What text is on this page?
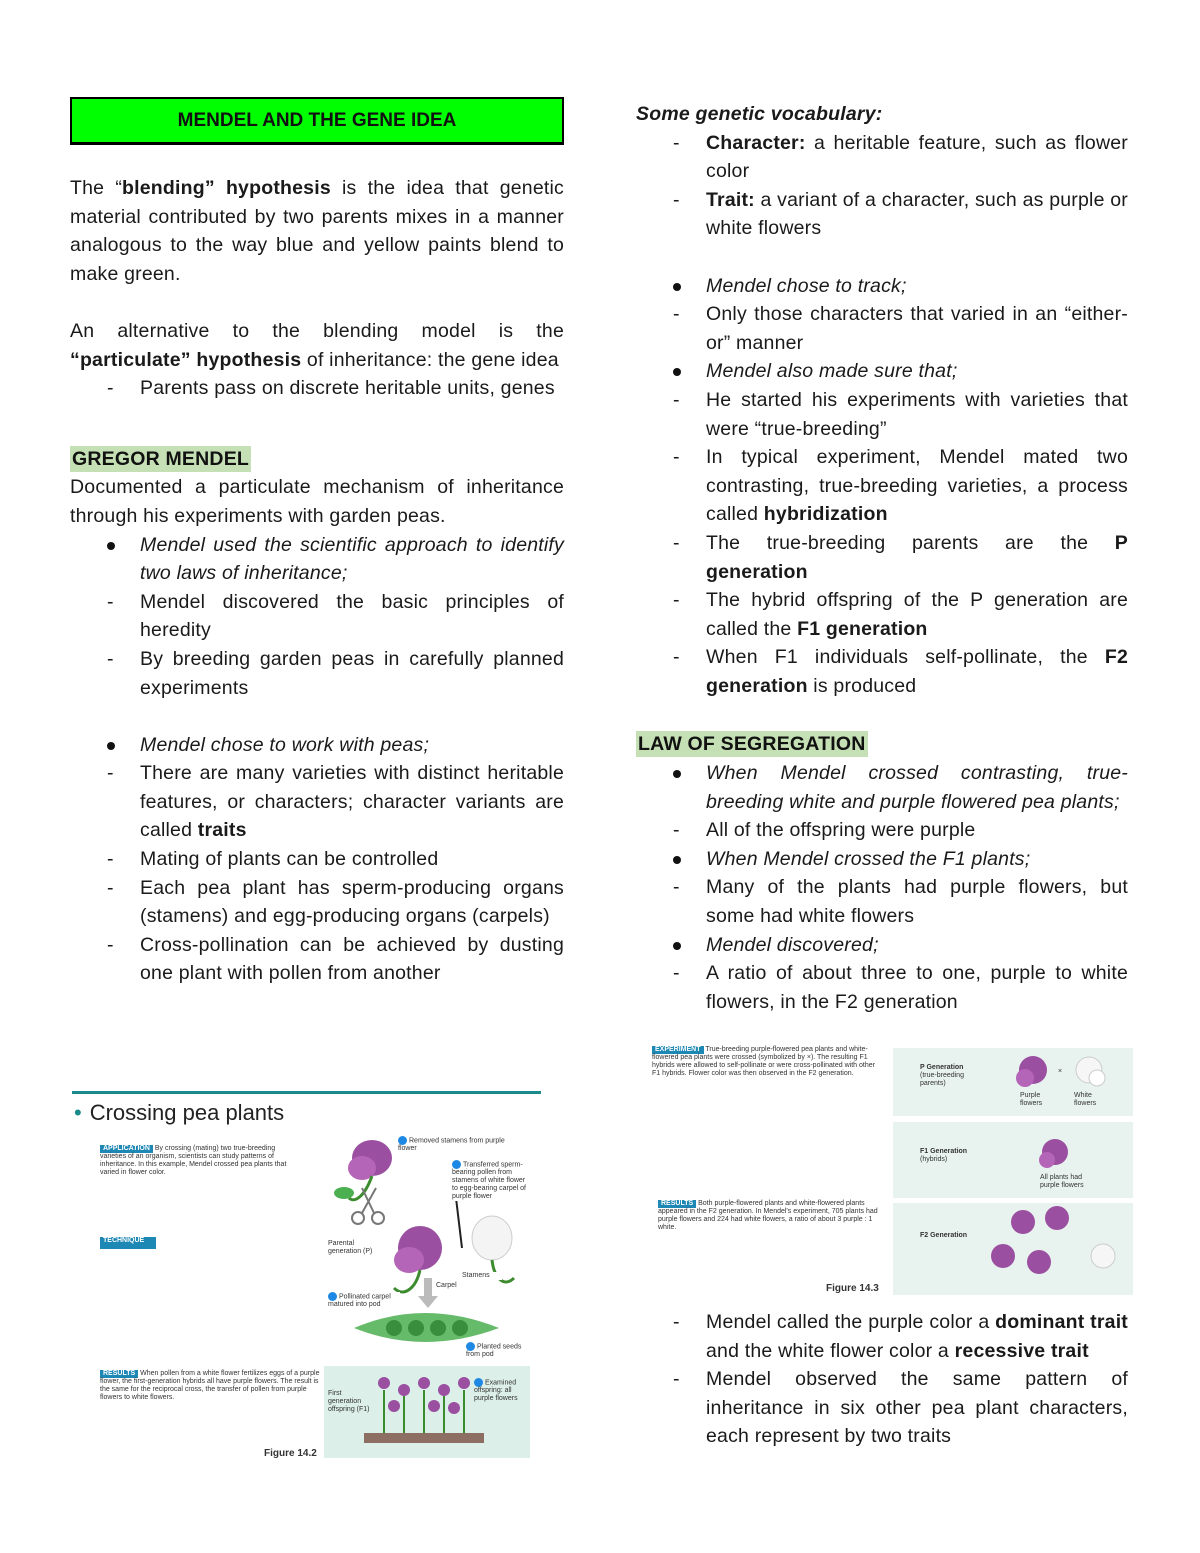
MENDEL AND THE GENE IDEA

The “blending” hypothesis is the idea that genetic material contributed by two parents mixes in a manner analogous to the way blue and yellow paints blend to make green.

An alternative to the blending model is the “particulate” hypothesis of inheritance: the gene idea

- Parents pass on discrete heritable units, genes
GREGOR MENDEL

Documented a particulate mechanism of inheritance through his experiments with garden peas.

Mendel used the scientific approach to identify two laws of inheritance;
- Mendel discovered the basic principles of heredity
- By breeding garden peas in carefully planned experiments
Mendel chose to work with peas;
- There are many varieties with distinct heritable features, or characters; character variants are called traits
- Mating of plants can be controlled
- Each pea plant has sperm-producing organs (stamens) and egg-producing organs (carpels)
- Cross-pollination can be achieved by dusting one plant with pollen from another
• Crossing pea plants
APPLICATION By crossing (mating) two true-breeding varieties of an organism, scientists can study patterns of inheritance. In this example, Mendel crossed pea plants that varied in flower color.
TECHNIQUE
RESULTS When pollen from a white flower fertilizes eggs of a purple flower, the first-generation hybrids all have purple flowers. The result is the same for the reciprocal cross, the transfer of pollen from purple flowers to white flowers.
Removed stamens from purple flower
Transferred sperm-bearing pollen from stamens of white flower to egg-bearing carpel of purple flower
Parental generation (P)
Stamens
Carpel
Pollinated carpel matured into pod
Planted seeds from pod
Examined offspring: all purple flowers
First generation offspring (F1)
Figure 14.2

Some genetic vocabulary:

- Character: a heritable feature, such as flower color
- Trait: a variant of a character, such as purple or white flowers
Mendel chose to track;
- Only those characters that varied in an “either-or” manner
Mendel also made sure that;
- He started his experiments with varieties that were “true-breeding”
- In typical experiment, Mendel mated two contrasting, true-breeding varieties, a process called hybridization
- The true-breeding parents are the P generation
- The hybrid offspring of the P generation are called the F1 generation
- When F1 individuals self-pollinate, the F2 generation is produced
LAW OF SEGREGATION
When Mendel crossed contrasting, true-breeding white and purple flowered pea plants;
- All of the offspring were purple
When Mendel crossed the F1 plants;
- Many of the plants had purple flowers, but some had white flowers
Mendel discovered;
- A ratio of about three to one, purple to white flowers, in the F2 generation
EXPERIMENT True-breeding purple-flowered pea plants and white-flowered pea plants were crossed (symbolized by ×). The resulting F1 hybrids were allowed to self-pollinate or were cross-pollinated with other F1 hybrids. Flower color was then observed in the F2 generation.
RESULTS Both purple-flowered plants and white-flowered plants appeared in the F2 generation. In Mendel's experiment, 705 plants had purple flowers and 224 had white flowers, a ratio of about 3 purple : 1 white.
P Generation
(true-breeding parents)
Purple flowers
White flowers
×
F1 Generation
(hybrids)
All plants had purple flowers
F2 Generation
Figure 14.3
- Mendel called the purple color a dominant trait and the white flower color a recessive trait
- Mendel observed the same pattern of inheritance in six other pea plant characters, each represent by two traits
